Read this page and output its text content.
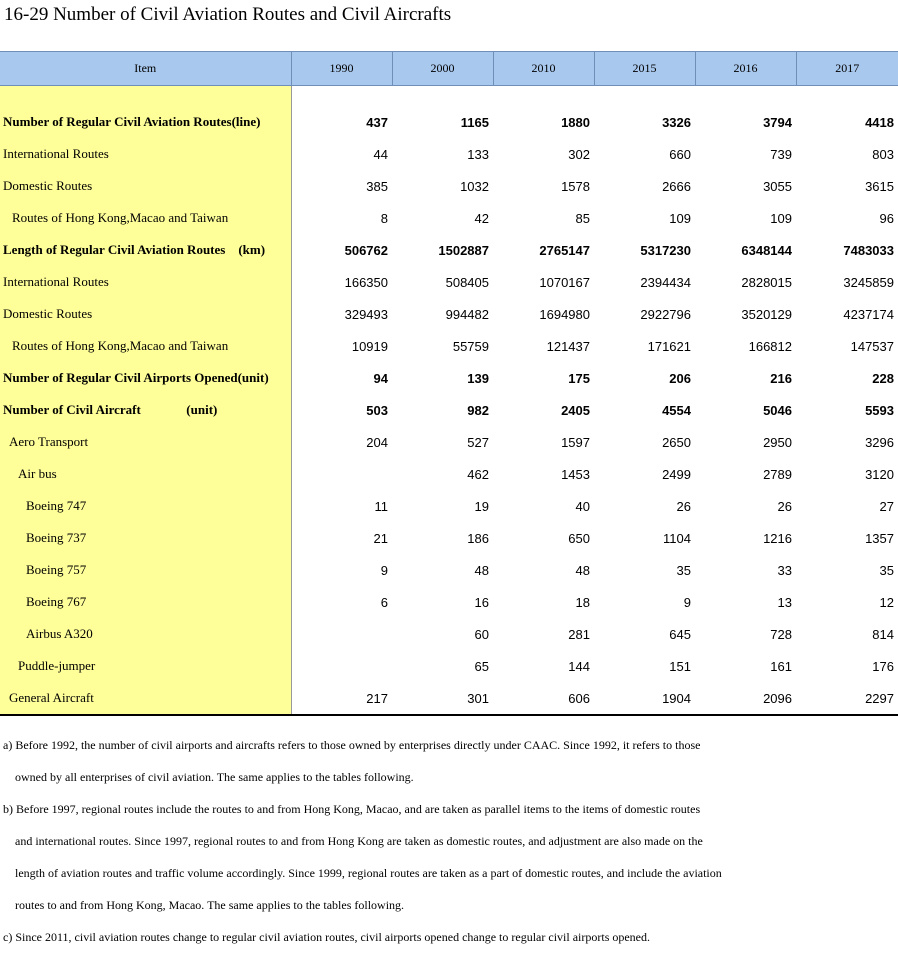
16-29 Number of Civil Aviation Routes and Civil Aircrafts
Item	1990	2000	2010	2015	2016	2017

Number of Regular Civil Aviation Routes(line)	437	1165	1880	3326	3794	4418
International Routes	44	133	302	660	739	803
Domestic Routes	385	1032	1578	2666	3055	3615
Routes of Hong Kong,Macao and Taiwan	8	42	85	109	109	96
Length of Regular Civil Aviation Routes    (km)	506762	1502887	2765147	5317230	6348144	7483033
International Routes	166350	508405	1070167	2394434	2828015	3245859
Domestic Routes	329493	994482	1694980	2922796	3520129	4237174
Routes of Hong Kong,Macao and Taiwan	10919	55759	121437	171621	166812	147537
Number of Regular Civil Airports Opened(unit)	94	139	175	206	216	228
Number of Civil Aircraft              (unit)	503	982	2405	4554	5046	5593
Aero Transport	204	527	1597	2650	2950	3296
Air bus		462	1453	2499	2789	3120
Boeing 747	11	19	40	26	26	27
Boeing 737	21	186	650	1104	1216	1357
Boeing 757	9	48	48	35	33	35
Boeing 767	6	16	18	9	13	12
Airbus A320		60	281	645	728	814
Puddle-jumper		65	144	151	161	176
General Aircraft	217	301	606	1904	2096	2297
a) Before 1992, the number of civil airports and aircrafts refers to those owned by enterprises directly under CAAC. Since 1992, it refers to those
owned by all enterprises of civil aviation. The same applies to the tables following.
b) Before 1997, regional routes include the routes to and from Hong Kong, Macao, and are taken as parallel items to the items of domestic routes
and international routes. Since 1997, regional routes to and from Hong Kong are taken as domestic routes, and adjustment are also made on the
length of aviation routes and traffic volume accordingly. Since 1999, regional routes are taken as a part of domestic routes, and include the aviation
routes to and from Hong Kong, Macao. The same applies to the tables following.
c) Since 2011, civil aviation routes change to regular civil aviation routes, civil airports opened change to regular civil airports opened.
